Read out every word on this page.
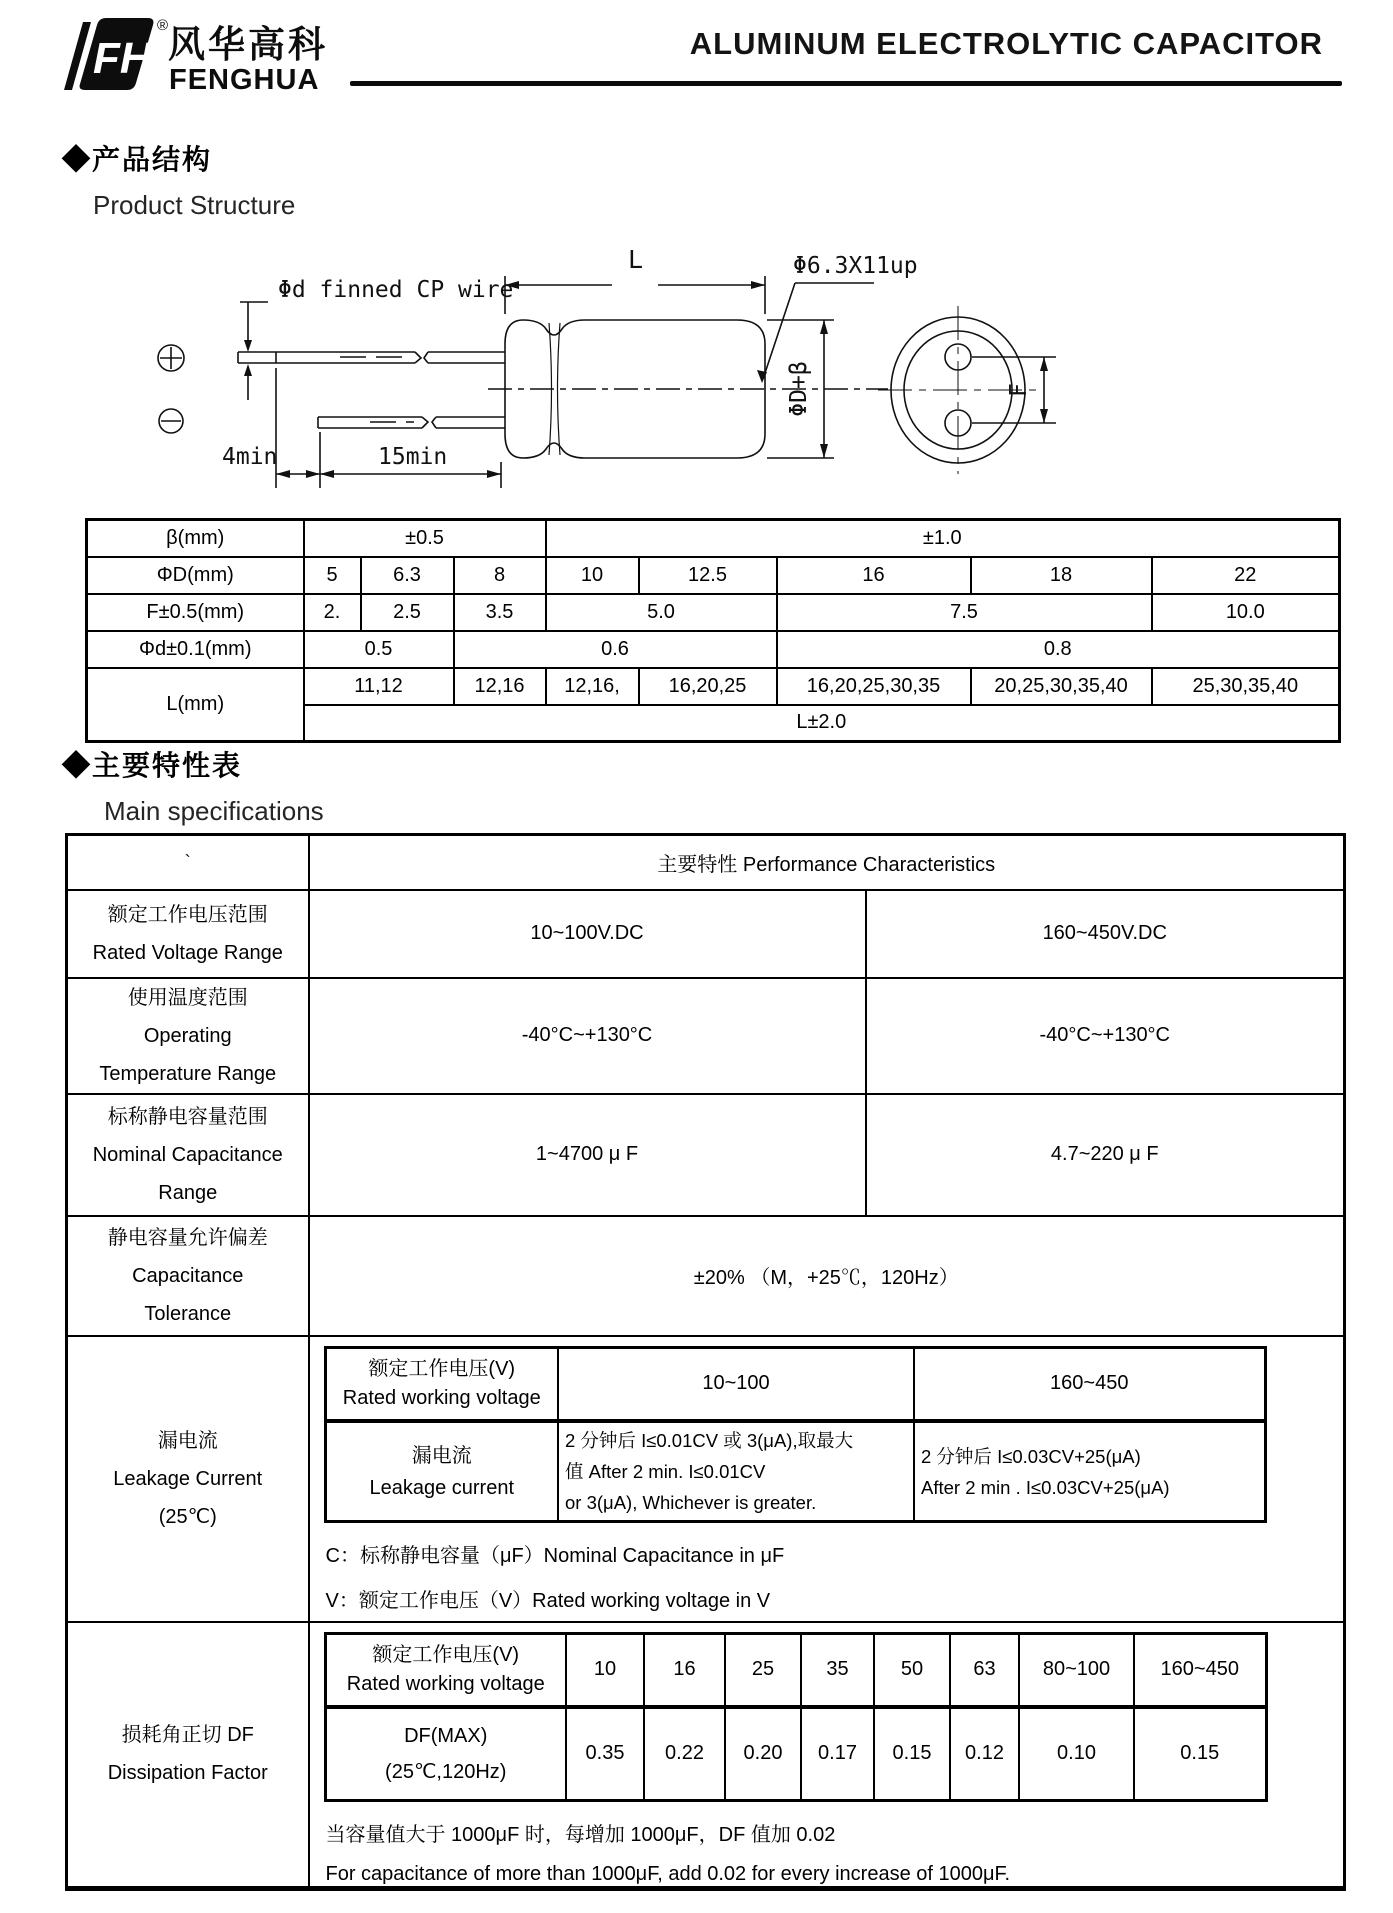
FH
® 风华高科
FENGHUA
ALUMINUM ELECTROLYTIC CAPACITOR
◆产品结构
Product Structure
Φd finned CP wire
L	Φ6.3X11up
ΦD+β	F
4min	15min
β(mm)	±0.5			±1.0				
ΦD(mm)	5	6.3	8	10	12.5	16	18	22
F±0.5(mm)	2.	2.5	3.5	5.0		7.5		10.0
Φd±0.1(mm)	0.5		0.6			0.8		
L(mm)	11,12		12,16	12,16,	16,20,25	16,20,25,30,35	20,25,30,35,40	25,30,35,40
	L±2.0							
◆主要特性表
Main specifications
`	主要特性 Performance Characteristics

额定工作电压范围
Rated Voltage Range
	10~100V.DC	160~450V.DC

使用温度范围
Operating
Temperature Range
	-40°C~+130°C	-40°C~+130°C

标称静电容量范围
Nominal Capacitance
Range
	1~4700 μ F	4.7~220 μ F

静电容量允许偏差
Capacitance
Tolerance
	±20% （M，+25℃，120Hz）

漏电流
Leakage Current
(25℃)

额定工作电压(V)
Rated working voltage
	10~100	160~450

漏电流
Leakage current

2 分钟后 I≤0.01CV 或 3(μA),取最大
值 After 2 min. I≤0.01CV
or 3(μA), Whichever is greater.

2 分钟后 I≤0.03CV+25(μA)
After 2 min . I≤0.03CV+25(μA)
C：标称静电容量（μF）Nominal Capacitance in μF
V：额定工作电压（V）Rated working voltage in V

损耗角正切 DF
Dissipation Factor

额定工作电压(V)
Rated working voltage
	10	16	25	35	50	63	80~100	160~450

DF(MAX)
(25℃,120Hz)
	0.35	0.22	0.20	0.17	0.15	0.12	0.10	0.15
当容量值大于 1000μF 时，每增加 1000μF，DF 值加 0.02
For capacitance of more than 1000μF, add 0.02 for every increase of 1000μF.
